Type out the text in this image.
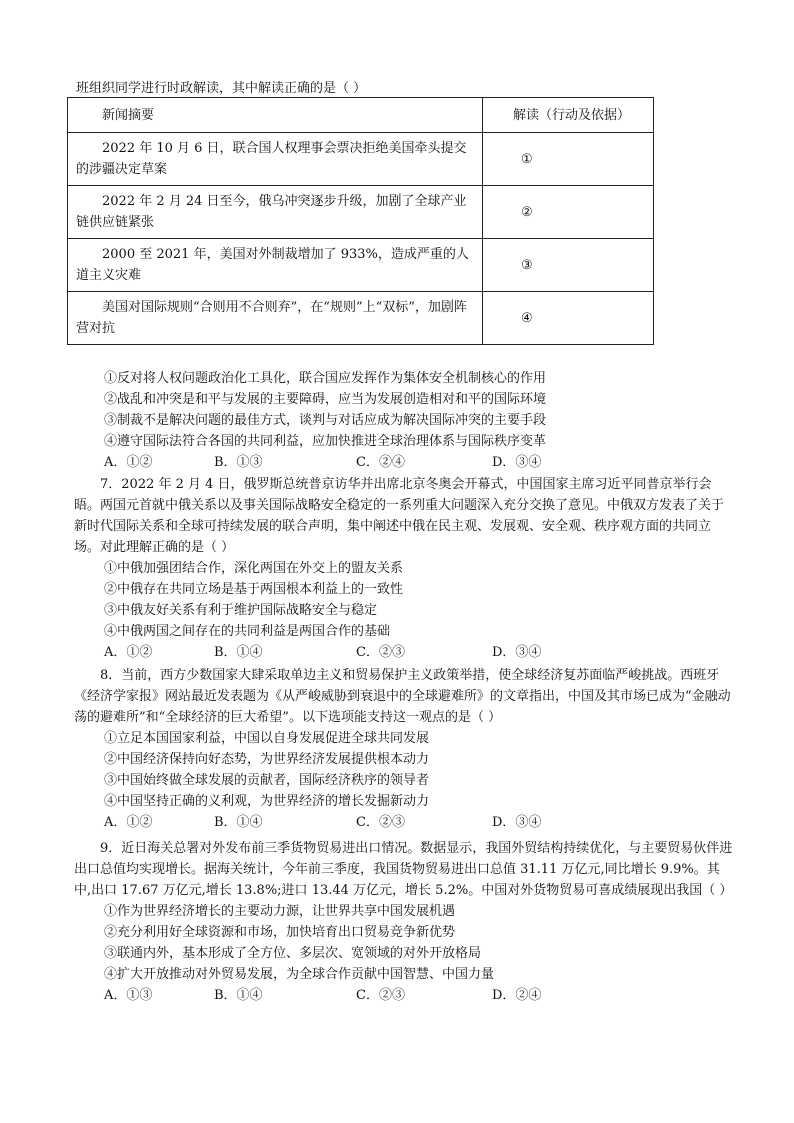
班组织同学进行时政解读，其中解读正确的是（ ）
新闻摘要	解读（行动及依据）
2022 年 10 月 6 日，联合国人权理事会票决拒绝美国牵头提交的涉疆决定草案	①
2022 年 2 月 24 日至今，俄乌冲突逐步升级，加剧了全球产业链供应链紧张	②
2000 至 2021 年，美国对外制裁增加了 933%，造成严重的人道主义灾难	③
美国对国际规则“合则用不合则弃”，在“规则”上“双标”，加剧阵营对抗	④
①反对将人权问题政治化工具化，联合国应发挥作为集体安全机制核心的作用
②战乱和冲突是和平与发展的主要障碍，应当为发展创造相对和平的国际环境
③制裁不是解决问题的最佳方式，谈判与对话应成为解决国际冲突的主要手段
④遵守国际法符合各国的共同利益，应加快推进全球治理体系与国际秩序变革
A．①②	B．①③	C．②④	D．③④
7．2022 年 2 月 4 日，俄罗斯总统普京访华并出席北京冬奥会开幕式，中国国家主席习近平同普京举行会晤。两国元首就中俄关系以及事关国际战略安全稳定的一系列重大问题深入充分交换了意见。中俄双方发表了关于新时代国际关系和全球可持续发展的联合声明，集中阐述中俄在民主观、发展观、安全观、秩序观方面的共同立场。对此理解正确的是（ ）
①中俄加强团结合作，深化两国在外交上的盟友关系
②中俄存在共同立场是基于两国根本利益上的一致性
③中俄友好关系有利于维护国际战略安全与稳定
④中俄两国之间存在的共同利益是两国合作的基础
A．①②	B．①④	C．②③	D．③④
8．当前，西方少数国家大肆采取单边主义和贸易保护主义政策举措，使全球经济复苏面临严峻挑战。西班牙《经济学家报》网站最近发表题为《从严峻威胁到衰退中的全球避难所》的文章指出，中国及其市场已成为“金融动荡的避难所”和“全球经济的巨大希望”。以下选项能支持这一观点的是（ ）
①立足本国国家利益，中国以自身发展促进全球共同发展
②中国经济保持向好态势，为世界经济发展提供根本动力
③中国始终做全球发展的贡献者，国际经济秩序的领导者
④中国坚持正确的义利观，为世界经济的增长发掘新动力
A．①②	B．①④	C．②③	D．③④
9．近日海关总署对外发布前三季货物贸易进出口情况。数据显示，我国外贸结构持续优化，与主要贸易伙伴进出口总值均实现增长。据海关统计，今年前三季度，我国货物贸易进出口总值 31.11 万亿元,同比增长 9.9%。其中,出口 17.67 万亿元,增长 13.8%;进口 13.44 万亿元，增长 5.2%。中国对外货物贸易可喜成绩展现出我国（ ）
①作为世界经济增长的主要动力源，让世界共享中国发展机遇
②充分利用好全球资源和市场，加快培育出口贸易竞争新优势
③联通内外，基本形成了全方位、多层次、宽领域的对外开放格局
④扩大开放推动对外贸易发展，为全球合作贡献中国智慧、中国力量
A．①③	B．①④	C．②③	D．②④
